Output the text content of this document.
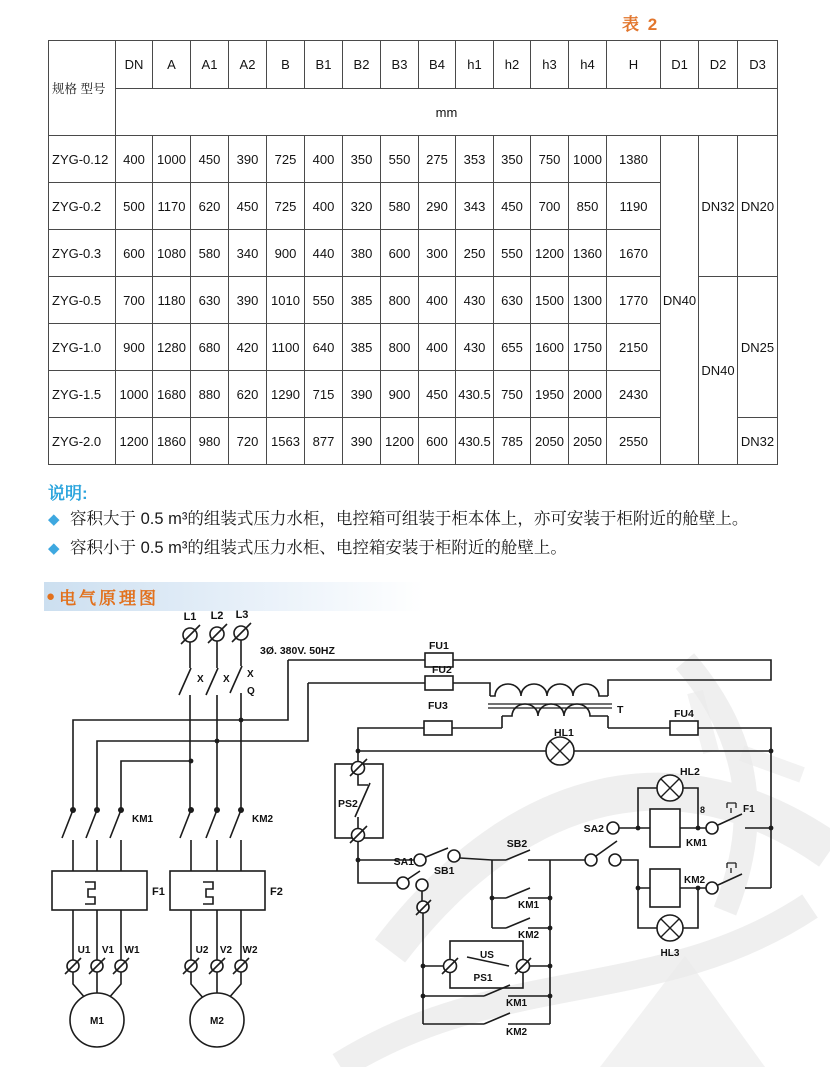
表 2
规格 型号	DN	A	A1	A2	B	B1	B2	B3	B4	h1	h2	h3	h4	H	D1	D2	D3
	mm																
ZYG-0.12	400	1000	450	390	725	400	350	550	275	353	350	750	1000	1380	DN40	DN32	DN20
ZYG-0.2	500	1170	620	450	725	400	320	580	290	343	450	700	850	1190			
ZYG-0.3	600	1080	580	340	900	440	380	600	300	250	550	1200	1360	1670			
ZYG-0.5	700	1180	630	390	1010	550	385	800	400	430	630	1500	1300	1770		DN40	DN25
ZYG-1.0	900	1280	680	420	1100	640	385	800	400	430	655	1600	1750	2150			
ZYG-1.5	1000	1680	880	620	1290	715	390	900	450	430.5	750	1950	2000	2430			
ZYG-2.0	1200	1860	980	720	1563	877	390	1200	600	430.5	785	2050	2050	2550			DN32
说明:
◆ 容积大于 0.5 m³的组装式压力水柜，电控箱可组装于柜本体上，亦可安装于柜附近的舱壁上。
◆ 容积小于 0.5 m³的组装式压力水柜、电控箱安装于柜附近的舱壁上。
● 电气原理图
L1 L2 L3
3Ø. 380V. 50HZ
X X X
Q
KM1	KM2
F1	F2
U1 V1 W1	U2 V2 W2
M1	M2
FU1
FU2
FU3
FU4
T
HL1
HL2
PS2
SA2
SA1
SB1
SB2
KM1
KM2
KM1
8	F1
KM2
HL3
US
PS1
KM1
KM2
